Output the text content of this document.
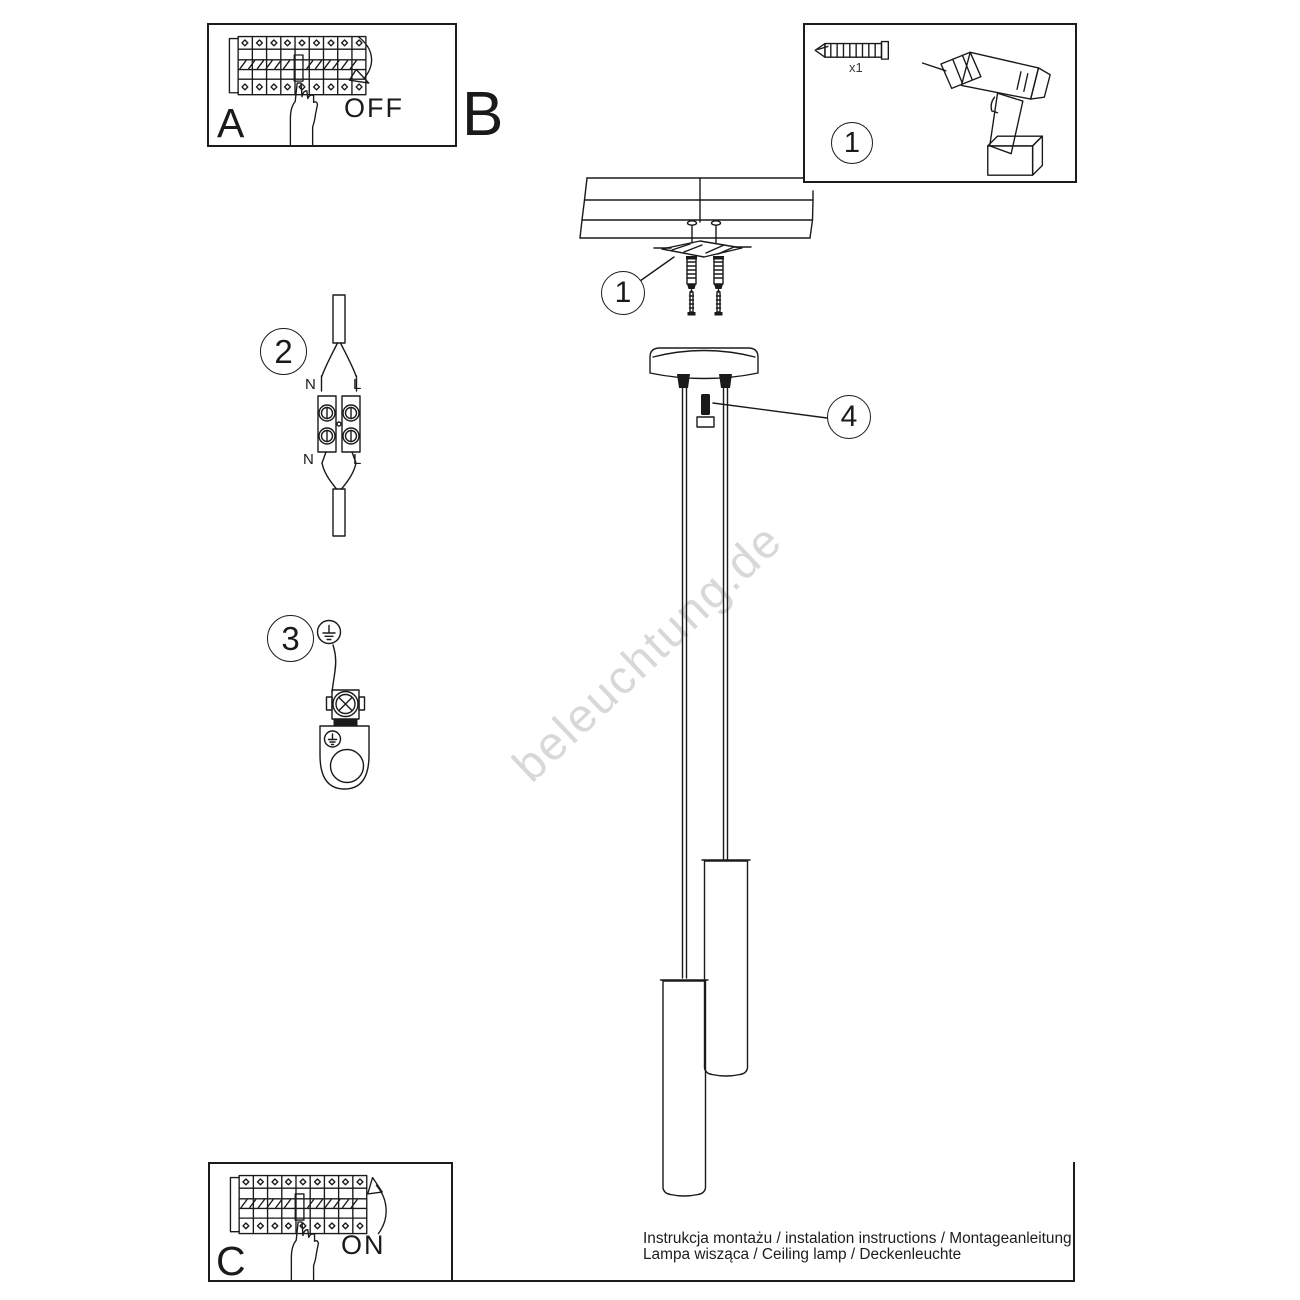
beleuchtung.de
A	OFF B
x1
1
1
2
3
4
N L
N	L
C	ON	Instrukcja montażu / instalation instructions / Montageanleitung
Lampa wisząca / Ceiling lamp / Deckenleuchte
